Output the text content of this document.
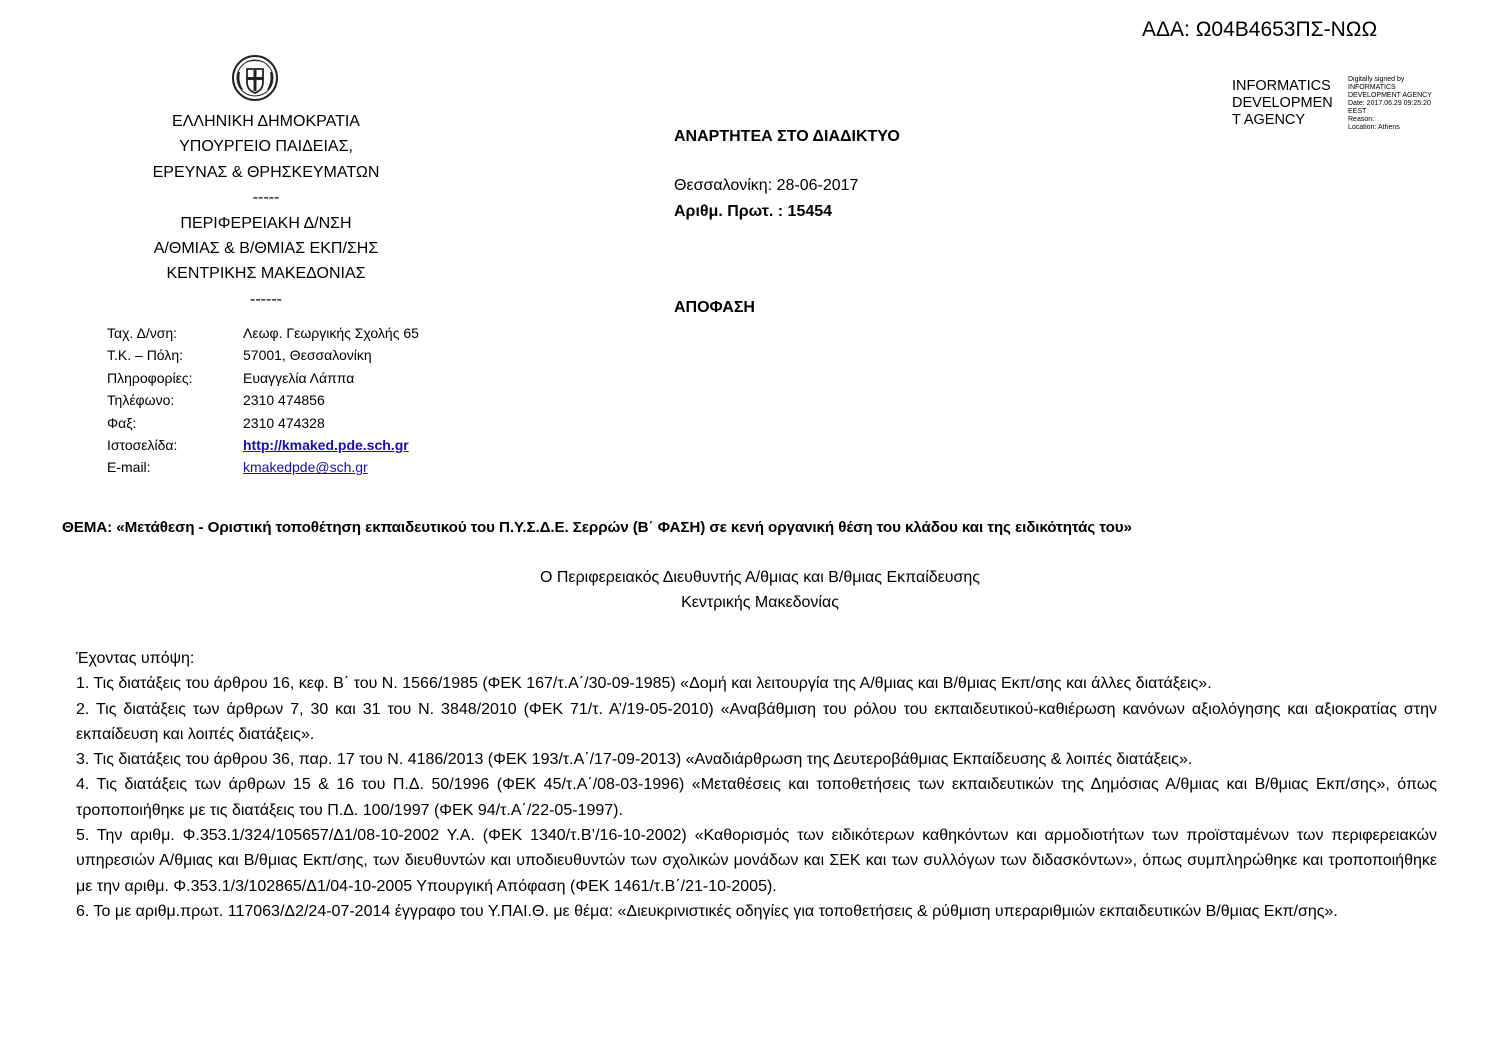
ΑΔΑ: Ω04Β4653ΠΣ-ΝΩΩ
INFORMATICS
DEVELOPMEN
T AGENCY
Digitally signed by
INFORMATICS
DEVELOPMENT AGENCY
Date: 2017.06.29 09:25:20
EEST
Reason:
Location: Athens
ΕΛΛΗΝΙΚΗ ΔΗΜΟΚΡΑΤΙΑ
ΥΠΟΥΡΓΕΙΟ ΠΑΙΔΕΙΑΣ,
ΕΡΕΥΝΑΣ & ΘΡΗΣΚΕΥΜΑΤΩΝ
-----
ΠΕΡΙΦΕΡΕΙΑΚΗ Δ/ΝΣΗ
Α/ΘΜΙΑΣ & Β/ΘΜΙΑΣ ΕΚΠ/ΣΗΣ
ΚΕΝΤΡΙΚΗΣ ΜΑΚΕΔΟΝΙΑΣ
------
ΑΝΑΡΤΗΤΕΑ ΣΤΟ ΔΙΑΔΙΚΤΥΟ
Θεσσαλονίκη: 28-06-2017
Αριθμ. Πρωτ. : 15454
ΑΠΟΦΑΣΗ
Ταχ. Δ/νση:	Λεωφ. Γεωργικής Σχολής 65
Τ.Κ. – Πόλη:	57001, Θεσσαλονίκη
Πληροφορίες:	Ευαγγελία Λάππα
Τηλέφωνο:	2310 474856
Φαξ:	2310 474328
Ιστοσελίδα:	http://kmaked.pde.sch.gr
E-mail:	kmakedpde@sch.gr
ΘΕΜΑ: «Μετάθεση - Οριστική τοποθέτηση εκπαιδευτικού του Π.Υ.Σ.Δ.Ε. Σερρών (Β΄ ΦΑΣΗ) σε κενή οργανική θέση του κλάδου και της ειδικότητάς του»
Ο Περιφερειακός Διευθυντής Α/θμιας και Β/θμιας Εκπαίδευσης
Κεντρικής Μακεδονίας

Έχοντας υπόψη:

1. Τις διατάξεις του άρθρου 16, κεφ. Β΄ του Ν. 1566/1985 (ΦΕΚ 167/τ.Α΄/30-09-1985) «Δομή και λειτουργία της Α/θμιας και Β/θμιας Εκπ/σης και άλλες διατάξεις».

2. Τις διατάξεις των άρθρων 7, 30 και 31 του Ν. 3848/2010 (ΦΕΚ 71/τ. Α’/19-05-2010) «Αναβάθμιση του ρόλου του εκπαιδευτικού-καθιέρωση κανόνων αξιολόγησης και αξιοκρατίας στην εκπαίδευση και λοιπές διατάξεις».

3. Τις διατάξεις του άρθρου 36, παρ. 17 του Ν. 4186/2013 (ΦΕΚ 193/τ.Α΄/17-09-2013) «Αναδιάρθρωση της Δευτεροβάθμιας Εκπαίδευσης & λοιπές διατάξεις».

4. Τις διατάξεις των άρθρων 15 & 16 του Π.Δ. 50/1996 (ΦΕΚ 45/τ.Α΄/08-03-1996) «Μεταθέσεις και τοποθετήσεις των εκπαιδευτικών της Δημόσιας Α/θμιας και Β/θμιας Εκπ/σης», όπως τροποποιήθηκε με τις διατάξεις του Π.Δ. 100/1997 (ΦΕΚ 94/τ.Α΄/22-05-1997).

5. Την αριθμ. Φ.353.1/324/105657/Δ1/08-10-2002 Υ.Α. (ΦΕΚ 1340/τ.Β’/16-10-2002) «Καθορισμός των ειδικότερων καθηκόντων και αρμοδιοτήτων των προϊσταμένων των περιφερειακών υπηρεσιών Α/θμιας και Β/θμιας Εκπ/σης, των διευθυντών και υποδιευθυντών των σχολικών μονάδων και ΣΕΚ και των συλλόγων των διδασκόντων», όπως συμπληρώθηκε και τροποποιήθηκε με την αριθμ. Φ.353.1/3/102865/Δ1/04-10-2005 Υπουργική Απόφαση (ΦΕΚ 1461/τ.Β΄/21-10-2005).

6. Το με αριθμ.πρωτ. 117063/Δ2/24-07-2014 έγγραφο του Υ.ΠΑΙ.Θ. με θέμα: «Διευκρινιστικές οδηγίες για τοποθετήσεις & ρύθμιση υπεραριθμιών εκπαιδευτικών Β/θμιας Εκπ/σης».
